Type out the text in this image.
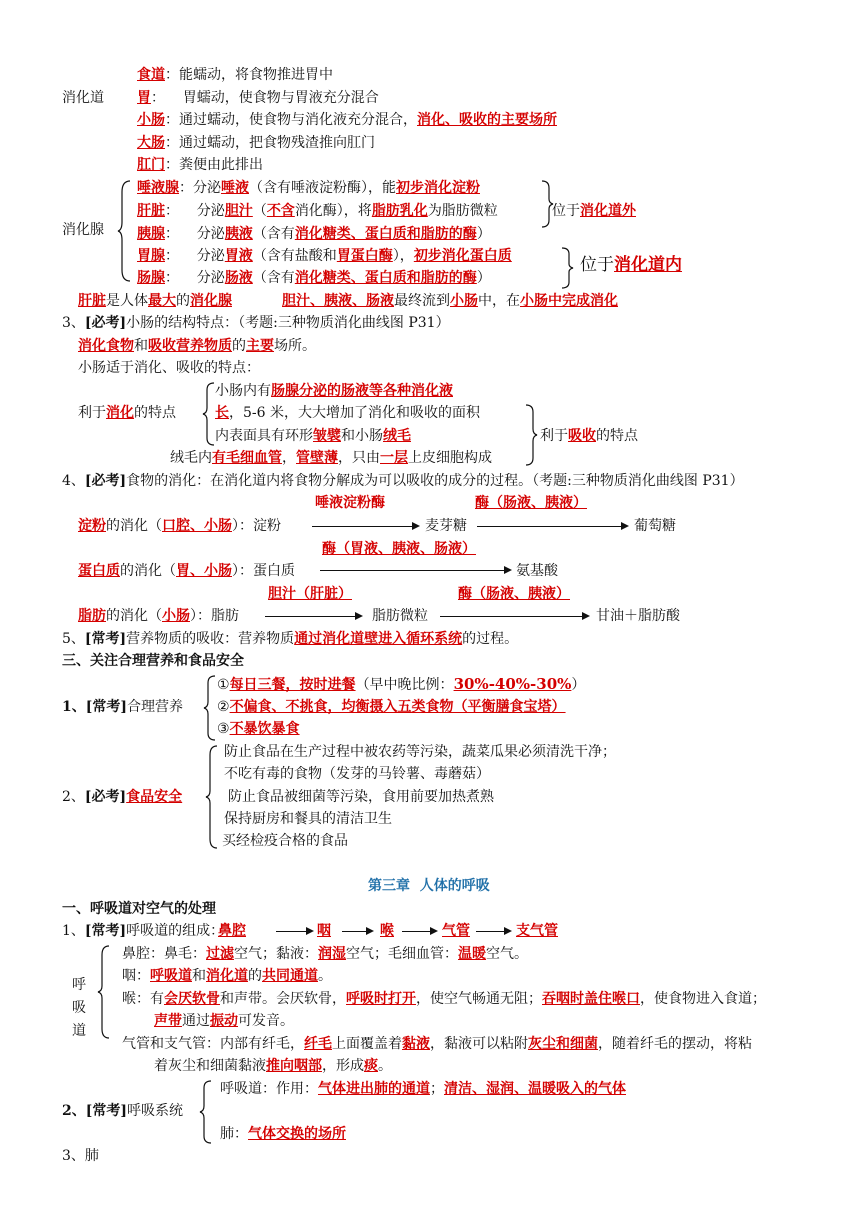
食道：能蠕动，将食物推进胃中
消化道 胃：    胃蠕动，使食物与胃液充分混合
小肠：通过蠕动，使食物与消化液充分混合，消化、吸收的主要场所
大肠：通过蠕动，把食物残渣推向肛门
肛门：粪便由此排出
消化腺
唾液腺：分泌唾液（含有唾液淀粉酶），能初步消化淀粉
肝脏：    分泌胆汁（不含消化酶），将脂肪乳化为脂肪微粒
胰腺：    分泌胰液（含有消化糖类、蛋白质和脂肪的酶）
胃腺：    分泌胃液（含有盐酸和胃蛋白酶），初步消化蛋白质
肠腺：    分泌肠液（含有消化糖类、蛋白质和脂肪的酶）
位于消化道外
位于消化道内
肝脏是人体最大的消化腺	胆汁、胰液、肠液最终流到小肠中，在小肠中完成消化
3、[必考]小肠的结构特点：（考题:三种物质消化曲线图 P31）
消化食物和吸收营养物质的主要场所。
小肠适于消化、吸收的特点：
利于消化的特点
小肠内有肠腺分泌的肠液等各种消化液
长，5-6 米，大大增加了消化和吸收的面积
内表面具有环形皱襞和小肠绒毛	利于吸收的特点
绒毛内有毛细血管，管壁薄，只由一层上皮细胞构成
4、[必考]食物的消化：在消化道内将食物分解成为可以吸收的成分的过程。（考题:三种物质消化曲线图 P31）
唾液淀粉酶	酶（肠液、胰液）
淀粉的消化（口腔、小肠）：淀粉	麦芽糖	葡萄糖
酶（胃液、胰液、肠液）
蛋白质的消化（胃、小肠）：蛋白质	氨基酸
胆汁（肝脏）	酶（肠液、胰液）
脂肪的消化（小肠）：脂肪	脂肪微粒	甘油＋脂肪酸
5、[常考]营养物质的吸收：营养物质通过消化道壁进入循环系统的过程。
三、关注合理营养和食品安全
1、[常考]合理营养
①每日三餐，按时进餐（早中晚比例：30%-40%-30%）
②不偏食、不挑食，均衡摄入五类食物（平衡膳食宝塔）
③不暴饮暴食
2、[必考]食品安全
防止食品在生产过程中被农药等污染，蔬菜瓜果必须清洗干净；
不吃有毒的食物（发芽的马铃薯、毒蘑菇）
防止食品被细菌等污染，食用前要加热煮熟
保持厨房和餐具的清洁卫生
买经检疫合格的食品
第三章  人体的呼吸
一、呼吸道对空气的处理
1、[常考]呼吸道的组成：
鼻腔	咽	喉	气管	支气管
呼
吸
道
鼻腔：鼻毛：过滤空气；黏液：润湿空气；毛细血管：温暖空气。
咽：呼吸道和消化道的共同通道。
喉：有会厌软骨和声带。会厌软骨，呼吸时打开，使空气畅通无阻；吞咽时盖住喉口，使食物进入食道；
声带通过振动可发音。
气管和支气管：内部有纤毛，纤毛上面覆盖着黏液，黏液可以粘附灰尘和细菌，随着纤毛的摆动，将粘
着灰尘和细菌黏液推向咽部，形成痰。
2、[常考]呼吸系统
呼吸道：作用：气体进出肺的通道；清洁、湿润、温暖吸入的气体
肺：气体交换的场所
3、肺
